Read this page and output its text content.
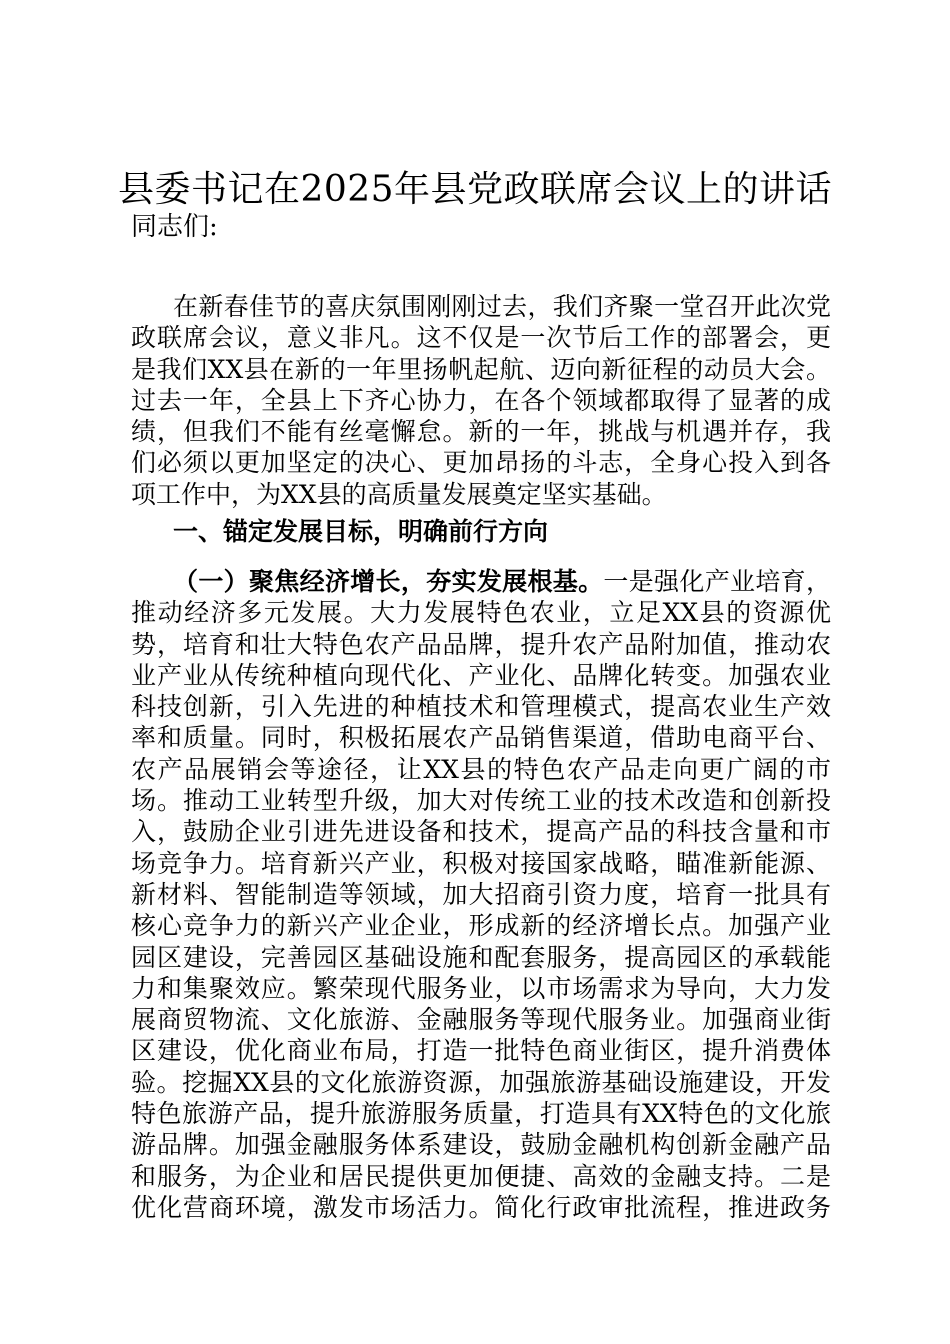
县委书记在2025年县党政联席会议上的讲话
同志们:
在新春佳节的喜庆氛围刚刚过去，我们齐聚一堂召开此次党
政联席会议，意义非凡。这不仅是一次节后工作的部署会，更
是我们XX县在新的一年里扬帆起航、迈向新征程的动员大会。
过去一年，全县上下齐心协力，在各个领域都取得了显著的成
绩，但我们不能有丝毫懈怠。新的一年，挑战与机遇并存，我
们必须以更加坚定的决心、更加昂扬的斗志，全身心投入到各
项工作中，为XX县的高质量发展奠定坚实基础。
一、锚定发展目标，明确前行方向
（一）聚焦经济增长，夯实发展根基。一是强化产业培育，
推动经济多元发展。大力发展特色农业，立足XX县的资源优
势，培育和壮大特色农产品品牌，提升农产品附加值，推动农
业产业从传统种植向现代化、产业化、品牌化转变。加强农业
科技创新，引入先进的种植技术和管理模式，提高农业生产效
率和质量。同时，积极拓展农产品销售渠道，借助电商平台、
农产品展销会等途径，让XX县的特色农产品走向更广阔的市
场。推动工业转型升级，加大对传统工业的技术改造和创新投
入，鼓励企业引进先进设备和技术，提高产品的科技含量和市
场竞争力。培育新兴产业，积极对接国家战略，瞄准新能源、
新材料、智能制造等领域，加大招商引资力度，培育一批具有
核心竞争力的新兴产业企业，形成新的经济增长点。加强产业
园区建设，完善园区基础设施和配套服务，提高园区的承载能
力和集聚效应。繁荣现代服务业，以市场需求为导向，大力发
展商贸物流、文化旅游、金融服务等现代服务业。加强商业街
区建设，优化商业布局，打造一批特色商业街区，提升消费体
验。挖掘XX县的文化旅游资源，加强旅游基础设施建设，开发
特色旅游产品，提升旅游服务质量，打造具有XX特色的文化旅
游品牌。加强金融服务体系建设，鼓励金融机构创新金融产品
和服务，为企业和居民提供更加便捷、高效的金融支持。二是
优化营商环境，激发市场活力。简化行政审批流程，推进政务
